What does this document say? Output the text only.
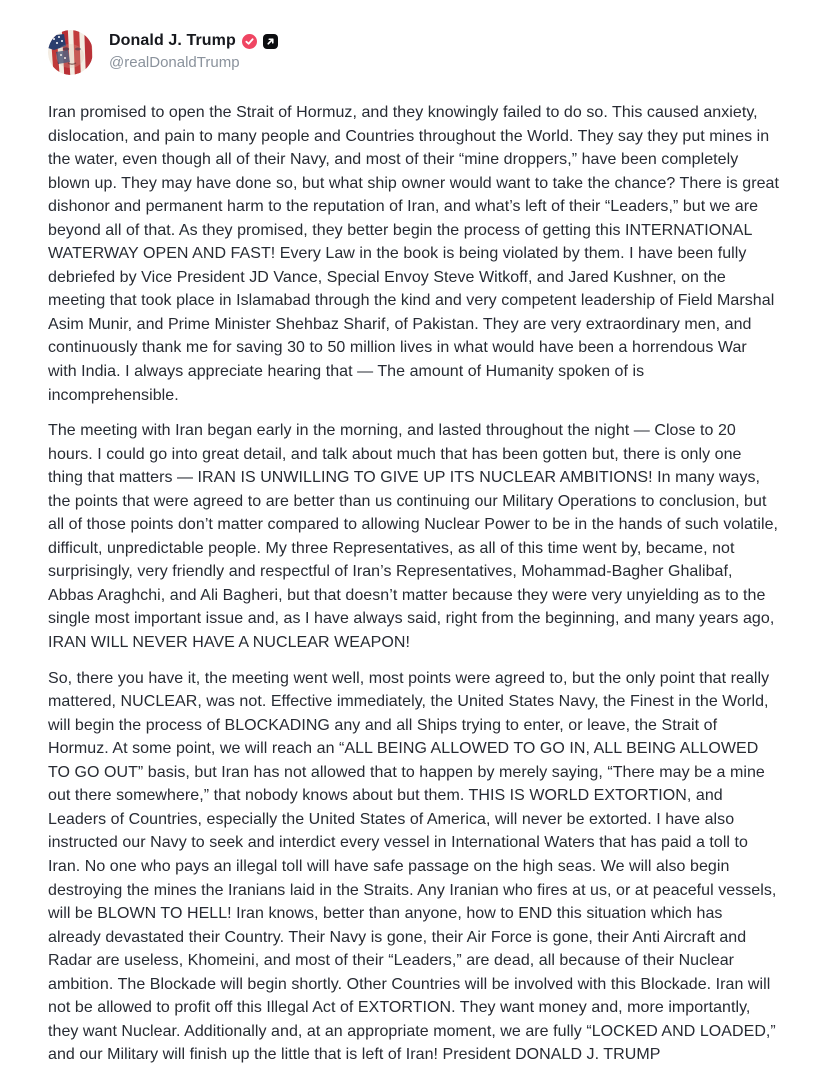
Donald J. Trump
@realDonaldTrump

Iran promised to open the Strait of Hormuz, and they knowingly failed to do so. This caused anxiety, dislocation, and pain to many people and Countries throughout the World. They say they put mines in the water, even though all of their Navy, and most of their “mine droppers,” have been completely blown up. They may have done so, but what ship owner would want to take the chance? There is great dishonor and permanent harm to the reputation of Iran, and what’s left of their “Leaders,” but we are beyond all of that. As they promised, they better begin the process of getting this INTERNATIONAL WATERWAY OPEN AND FAST! Every Law in the book is being violated by them. I have been fully debriefed by Vice President JD Vance, Special Envoy Steve Witkoff, and Jared Kushner, on the meeting that took place in Islamabad through the kind and very competent leadership of Field Marshal Asim Munir, and Prime Minister Shehbaz Sharif, of Pakistan. They are very extraordinary men, and continuously thank me for saving 30 to 50 million lives in what would have been a horrendous War with India. I always appreciate hearing that — The amount of Humanity spoken of is incomprehensible.

The meeting with Iran began early in the morning, and lasted throughout the night — Close to 20 hours. I could go into great detail, and talk about much that has been gotten but, there is only one thing that matters — IRAN IS UNWILLING TO GIVE UP ITS NUCLEAR AMBITIONS! In many ways, the points that were agreed to are better than us continuing our Military Operations to conclusion, but all of those points don’t matter compared to allowing Nuclear Power to be in the hands of such volatile, difficult, unpredictable people. My three Representatives, as all of this time went by, became, not surprisingly, very friendly and respectful of Iran’s Representatives, Mohammad-Bagher Ghalibaf, Abbas Araghchi, and Ali Bagheri, but that doesn’t matter because they were very unyielding as to the single most important issue and, as I have always said, right from the beginning, and many years ago, IRAN WILL NEVER HAVE A NUCLEAR WEAPON!

So, there you have it, the meeting went well, most points were agreed to, but the only point that really mattered, NUCLEAR, was not. Effective immediately, the United States Navy, the Finest in the World, will begin the process of BLOCKADING any and all Ships trying to enter, or leave, the Strait of Hormuz. At some point, we will reach an “ALL BEING ALLOWED TO GO IN, ALL BEING ALLOWED TO GO OUT” basis, but Iran has not allowed that to happen by merely saying, “There may be a mine out there somewhere,” that nobody knows about but them. THIS IS WORLD EXTORTION, and Leaders of Countries, especially the United States of America, will never be extorted. I have also instructed our Navy to seek and interdict every vessel in International Waters that has paid a toll to Iran. No one who pays an illegal toll will have safe passage on the high seas. We will also begin destroying the mines the Iranians laid in the Straits. Any Iranian who fires at us, or at peaceful vessels, will be BLOWN TO HELL! Iran knows, better than anyone, how to END this situation which has already devastated their Country. Their Navy is gone, their Air Force is gone, their Anti Aircraft and Radar are useless, Khomeini, and most of their “Leaders,” are dead, all because of their Nuclear ambition. The Blockade will begin shortly. Other Countries will be involved with this Blockade. Iran will not be allowed to profit off this Illegal Act of EXTORTION. They want money and, more importantly, they want Nuclear. Additionally and, at an appropriate moment, we are fully “LOCKED AND LOADED,” and our Military will finish up the little that is left of Iran! President DONALD J. TRUMP
